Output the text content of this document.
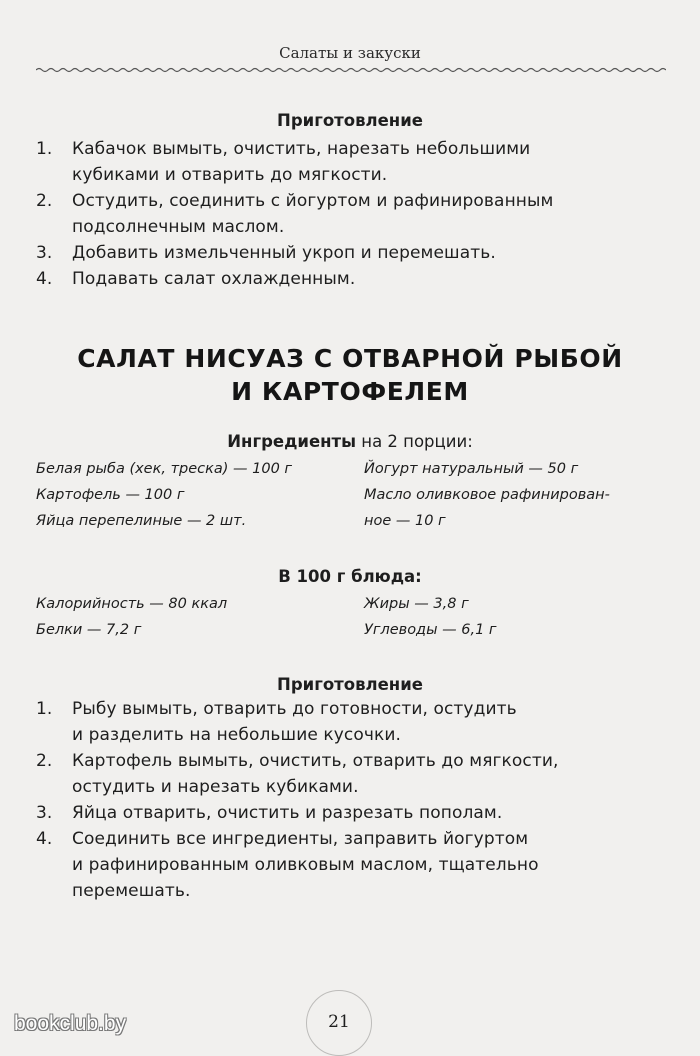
Салаты и закуски
Приготовление
1. Кабачок вымыть, очистить, нарезать небольшими
кубиками и отварить до мягкости.
2. Остудить, соединить с йогуртом и рафинированным
подсолнечным маслом.
3. Добавить измельченный укроп и перемешать.
4. Подавать салат охлажденным.
САЛАТ НИСУАЗ С ОТВАРНОЙ РЫБОЙ
И КАРТОФЕЛЕМ
Ингредиенты на 2 порции:
Белая рыба (хек, треска) — 100 г
Картофель — 100 г
Яйца перепелиные — 2 шт.
Йогурт натуральный — 50 г
Масло оливковое рафинирован-
ное — 10 г
В 100 г блюда:
Калорийность — 80 ккал
Белки — 7,2 г
Жиры — 3,8 г
Углеводы — 6,1 г
Приготовление
1. Рыбу вымыть, отварить до готовности, остудить
и разделить на небольшие кусочки.
2. Картофель вымыть, очистить, отварить до мягкости,
остудить и нарезать кубиками.
3. Яйца отварить, очистить и разрезать пополам.
4. Соединить все ингредиенты, заправить йогуртом
и рафинированным оливковым маслом, тщательно
перемешать.
21
bookclub.by
